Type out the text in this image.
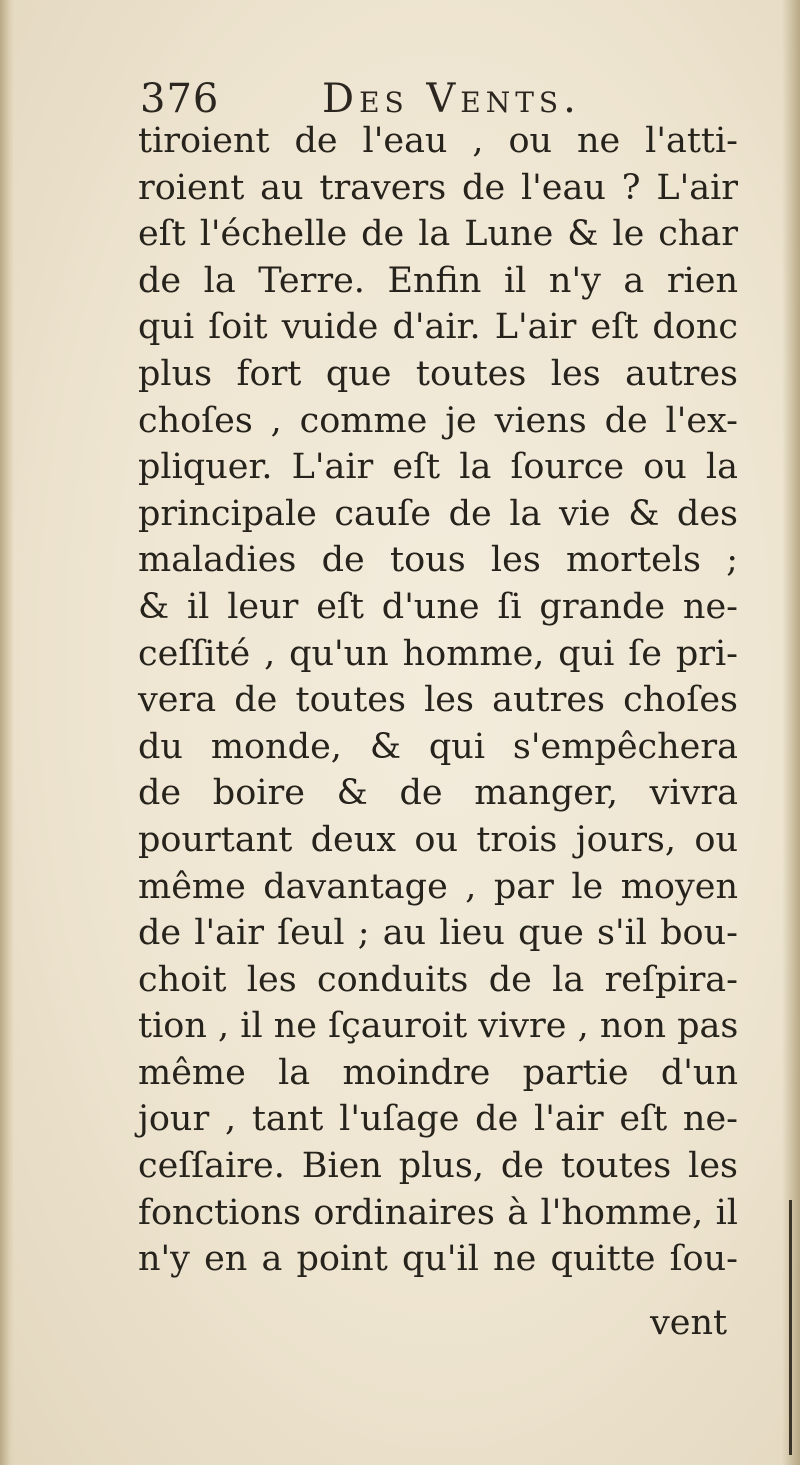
376	Des Vents.
tiroient de l'eau , ou ne l'atti-
roient au travers de l'eau ? L'air
eſt l'échelle de la Lune & le char
de la Terre. Enfin il n'y a rien
qui ſoit vuide d'air. L'air eſt donc
plus fort que toutes les autres
choſes , comme je viens de l'ex-
pliquer. L'air eſt la ſource ou la
principale cauſe de la vie & des
maladies de tous les mortels ;
& il leur eſt d'une ſi grande ne-
ceſſité , qu'un homme, qui ſe pri-
vera de toutes les autres choſes
du monde, & qui s'empêchera
de boire & de manger, vivra
pourtant deux ou trois jours, ou
même davantage , par le moyen
de l'air ſeul ; au lieu que s'il bou-
choit les conduits de la reſpira-
tion , il ne ſçauroit vivre , non pas
même la moindre partie d'un
jour , tant l'uſage de l'air eſt ne-
ceſſaire. Bien plus, de toutes les
fonctions ordinaires à l'homme, il
n'y en a point qu'il ne quitte ſou-
vent
